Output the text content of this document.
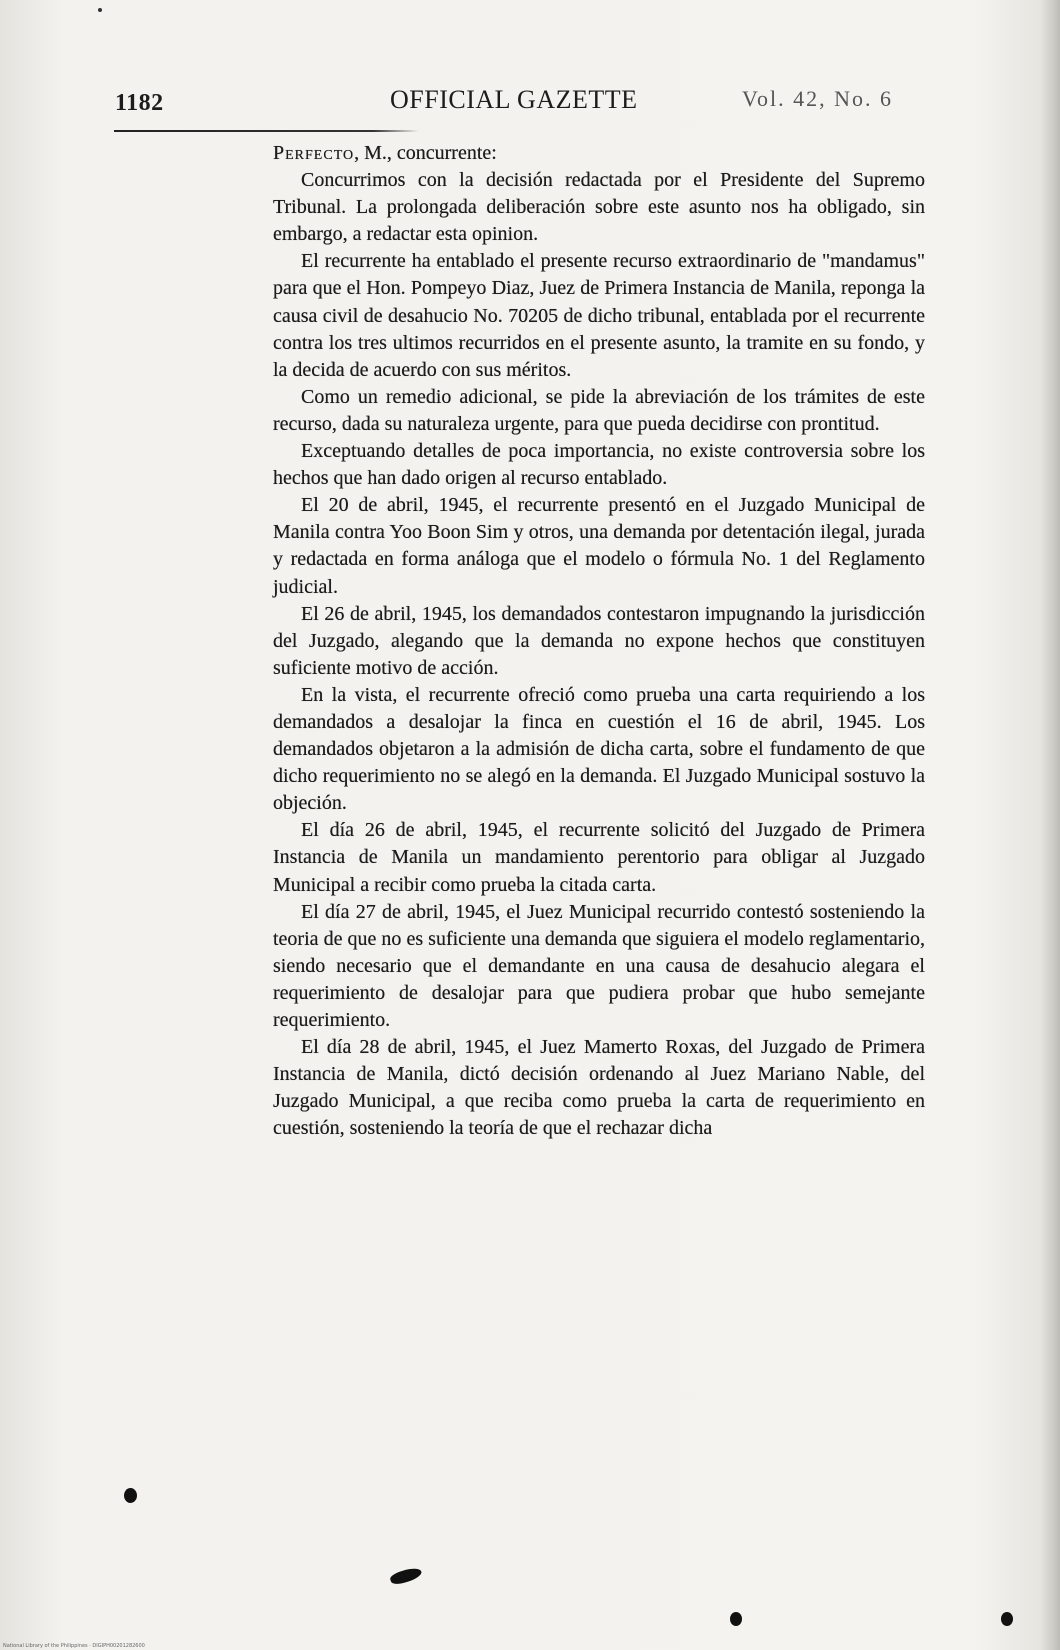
1182	OFFICIAL GAZETTE	Vol. 42, No. 6

Perfecto, M., concurrente:

Concurrimos con la decisión redactada por el Presidente del Supremo Tribunal. La prolongada deliberación sobre este asunto nos ha obligado, sin embargo, a redactar esta opinion.

El recurrente ha entablado el presente recurso extraordinario de "mandamus" para que el Hon. Pompeyo Diaz, Juez de Primera Instancia de Manila, reponga la causa civil de desahucio No. 70205 de dicho tribunal, entablada por el recurrente contra los tres ultimos recurridos en el presente asunto, la tramite en su fondo, y la decida de acuerdo con sus méritos.

Como un remedio adicional, se pide la abreviación de los trámites de este recurso, dada su naturaleza urgente, para que pueda decidirse con prontitud.

Exceptuando detalles de poca importancia, no existe controversia sobre los hechos que han dado origen al recurso entablado.

El 20 de abril, 1945, el recurrente presentó en el Juzgado Municipal de Manila contra Yoo Boon Sim y otros, una demanda por detentación ilegal, jurada y redactada en forma análoga que el modelo o fórmula No. 1 del Reglamento judicial.

El 26 de abril, 1945, los demandados contestaron impugnando la jurisdicción del Juzgado, alegando que la demanda no expone hechos que constituyen suficiente motivo de acción.

En la vista, el recurrente ofreció como prueba una carta requiriendo a los demandados a desalojar la finca en cuestión el 16 de abril, 1945. Los demandados objetaron a la admisión de dicha carta, sobre el fundamento de que dicho requerimiento no se alegó en la demanda. El Juzgado Municipal sostuvo la objeción.

El día 26 de abril, 1945, el recurrente solicitó del Juzgado de Primera Instancia de Manila un mandamiento perentorio para obligar al Juzgado Municipal a recibir como prueba la citada carta.

El día 27 de abril, 1945, el Juez Municipal recurrido contestó sosteniendo la teoria de que no es suficiente una demanda que siguiera el modelo reglamentario, siendo necesario que el demandante en una causa de desahucio alegara el requerimiento de desalojar para que pudiera probar que hubo semejante requerimiento.

El día 28 de abril, 1945, el Juez Mamerto Roxas, del Juzgado de Primera Instancia de Manila, dictó decisión ordenando al Juez Mariano Nable, del Juzgado Municipal, a que reciba como prueba la carta de requerimiento en cuestión, sosteniendo la teoría de que el rechazar dicha

National Library of the Philippines · DIGIPH00201282600
